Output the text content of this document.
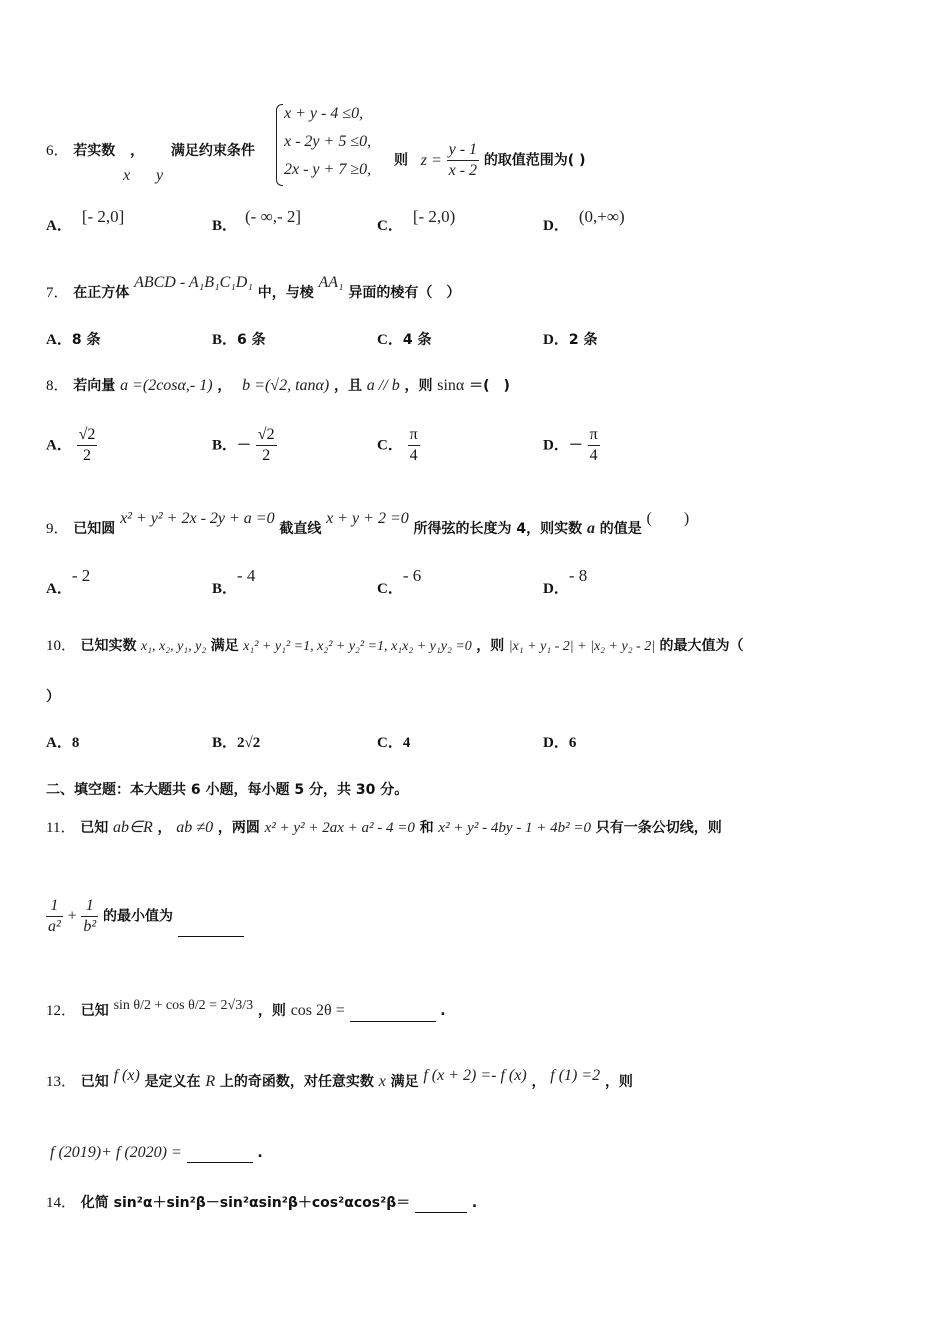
6． 若实数 ， 满足约束条件
x y
x + y - 4 ≤0,
x - 2y + 5 ≤0,
2x - y + 7 ≥0,
则 $z = \frac{y - 1}{x - 2}$ 的取值范围为( )
A． [- 2,0]	B． (- ∞,- 2]	C． [- 2,0)	D． (0,+∞)
7． 在正方体 ABCD - A₁B₁C₁D₁ 中，与棱 AA₁ 异面的棱有（　）
A．8 条	B．6 条	C．4 条	D．2 条
8． 若向量 a =(2cosα,- 1) ， b =(√2, tanα) ，且 a // b ，则 sinα ＝(　)
A． $\frac{√2}{2}$	B．－ $\frac{√2}{2}$	C． $\frac{\pi}{4}$	D．－ $\frac{\pi}{4}$
9． 已知圆 x² + y² + 2x - 2y + a =0 截直线 x + y + 2 =0 所得弦的长度为 4，则实数 a 的值是 (　　)
A．- 2
B．- 4
C．- 6
D．- 8
10． 已知实数 x₁, x₂, y₁, y₂ 满足 x₁² + y₁² =1, x₂² + y₂² =1, x₁x₂ + y₁y₂ =0 ，则 |x₁ + y₁ - 2| + |x₂ + y₂ - 2| 的最大值为（
）
A．8	B．2√2	C．4	D．6
二、填空题：本大题共 6 小题，每小题 5 分，共 30 分。
11． 已知 ab∈R ， ab ≠0 ，两圆 x² + y² + 2ax + a² - 4 =0 和 x² + y² - 4by - 1 + 4b² =0 只有一条公切线，则
$\frac{1}{\text{a²}} + \frac{1}{\text{b²}}$ 的最小值为
12． 已知 sin θ/2 + cos θ/2 = 2√3/3 ，则 cos 2θ =	.
13． 已知 f (x) 是定义在 R 上的奇函数，对任意实数 x 满足 f (x + 2) =- f (x) ， f (1) =2 ，则
f (2019)+ f (2020) =	.
14． 化简 sin²α＋sin²β－sin²αsin²β＋cos²αcos²β＝	.
